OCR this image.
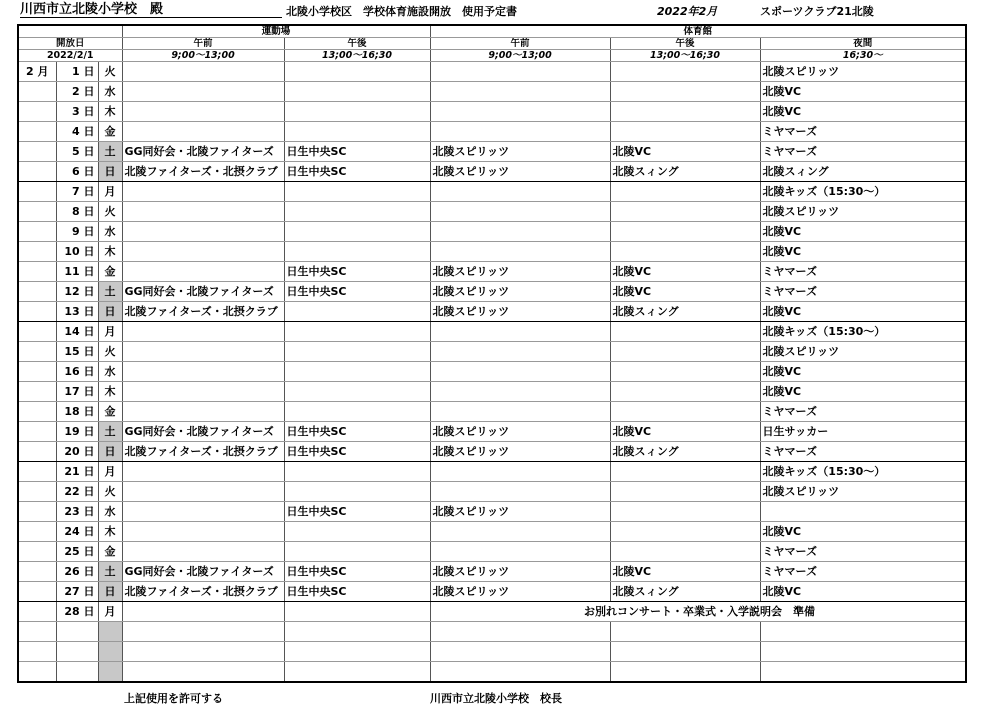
川西市立北陵小学校　殿	北陵小学校区　学校体育施設開放　使用予定書	2022年2月	スポーツクラブ21北陵
			運動場		体育館		
開放日			午前	午後	午前	午後	夜間
2022/2/1			9;00～13;00	13;00～16;30	9;00～13;00	13;00～16;30	16;30～
2 月	1 日	火					北陵スピリッツ
	2 日	水					北陵VC
	3 日	木					北陵VC
	4 日	金					ミヤマーズ
	5 日	土	GG同好会・北陵ファイターズ	日生中央SC	北陵スピリッツ	北陵VC	ミヤマーズ
	6 日	日	北陵ファイターズ・北摂クラブ	日生中央SC	北陵スピリッツ	北陵スィング	北陵スィング
	7 日	月					北陵キッズ（15:30～）
	8 日	火					北陵スピリッツ
	9 日	水					北陵VC
	10 日	木					北陵VC
	11 日	金		日生中央SC	北陵スピリッツ	北陵VC	ミヤマーズ
	12 日	土	GG同好会・北陵ファイターズ	日生中央SC	北陵スピリッツ	北陵VC	ミヤマーズ
	13 日	日	北陵ファイターズ・北摂クラブ		北陵スピリッツ	北陵スィング	北陵VC
	14 日	月					北陵キッズ（15:30～）
	15 日	火					北陵スピリッツ
	16 日	水					北陵VC
	17 日	木					北陵VC
	18 日	金					ミヤマーズ
	19 日	土	GG同好会・北陵ファイターズ	日生中央SC	北陵スピリッツ	北陵VC	日生サッカー
	20 日	日	北陵ファイターズ・北摂クラブ	日生中央SC	北陵スピリッツ	北陵スィング	ミヤマーズ
	21 日	月					北陵キッズ（15:30～）
	22 日	火					北陵スピリッツ
	23 日	水		日生中央SC	北陵スピリッツ		
	24 日	木					北陵VC
	25 日	金					ミヤマーズ
	26 日	土	GG同好会・北陵ファイターズ	日生中央SC	北陵スピリッツ	北陵VC	ミヤマーズ
	27 日	日	北陵ファイターズ・北摂クラブ	日生中央SC	北陵スピリッツ	北陵スィング	北陵VC
	28 日	月			お別れコンサート・卒業式・入学説明会　準備		

上記使用を許可する	川西市立北陵小学校　校長
